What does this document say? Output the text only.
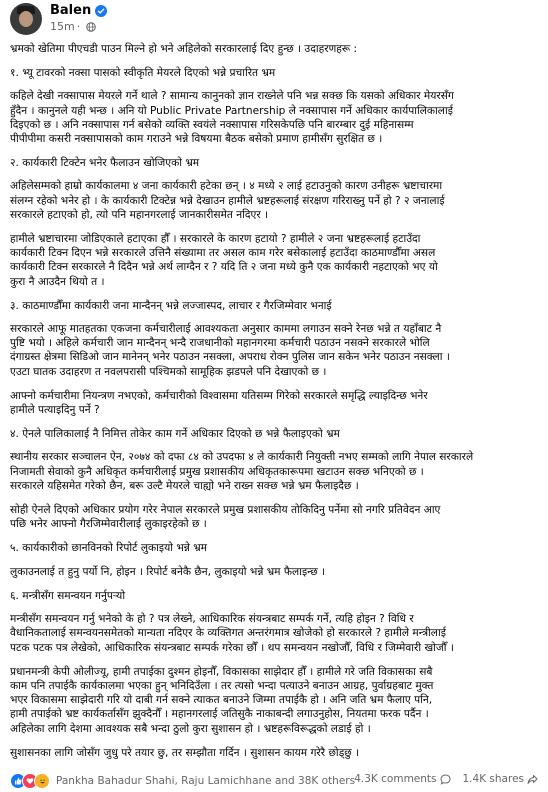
Balen
15m ·

भ्रमको खेतिमा पीएचडी पाउन मिल्ने हो भने अहिलेको सरकारलाई दिए हुन्छ । उदाहरणहरू :

१. भ्यू टावरको नक्सा पासको स्वीकृति मेयरले दिएको भन्ने प्रचारित भ्रम

कहिले देखी नक्सापास मेयरले गर्ने थाले ? सामान्य कानुनको ज्ञान राख्नेले पनि भन्न सक्छ कि यसको अधिकार मेयरसँग
हुँदैन । कानुनले यही भन्छ । अनि यो Public Private Partnership ले नक्सापास गर्ने अधिकार कार्यपालिकालाई
दिइएको छ । अनि नक्सापास गर्न बसेको व्यक्ति स्वयंले नक्सापास गरिसकेपछि पनि बारम्बार दुई महिनासम्म
पीपीपीमा कसरी नक्सापासको काम गराउने भन्ने विषयमा बैठक बसेको प्रमाण हामीसँग सुरक्षित छ ।

२. कार्यकारी टिक्टेन भनेर फैलाउन खोजिएको भ्रम

अहिलेसम्मको हाम्रो कार्यकालमा ४ जना कार्यकारी हटेका छन् । ४ मध्ये २ लाई हटाउनुको कारण उनीहरू भ्रष्टाचारमा
संलग्न रहेको भनेर हो । के कार्यकारी टिक्टेन्न भन्ने देखाउन हामीले भ्रष्टहरूलाई संरक्षण गरिराख्नु पर्ने हो ? २ जनालाई
सरकारले हटाएको हो, त्यो पनि महानगरलाई जानकारीसमेत नदिएर ।

हामीले भ्रष्टाचारमा जोडिएकाले हटाएका हौँ । सरकारले के कारण हटायो ? हामीले २ जना भ्रष्टहरूलाई हटाउँदा
कार्यकारी टिक्न दिएन भन्ने सरकारले उत्तिनै संख्यामा तर असल काम गरेर बसेकालाई हटाउँदा काठमाण्डौँमा असल
कार्यकारी टिक्न सरकारले नै दिदैन भन्ने अर्थ लाग्दैन र ? यदि ति २ जना मध्ये कुनै एक कार्यकारी नहटाएको भए यो
कुरा नै आउदैन थियो त ।

३. काठमाण्डौँमा कार्यकारी जना मान्दैनन् भन्ने लज्जास्पद, लाचार र गैरजिम्मेवार भनाई

सरकारले आफू मातहतका एकजना कर्मचारीलाई आवश्यकता अनुसार काममा लगाउन सक्ने रेनछ भन्ने त यहाँबाट नै
पुष्टि भयो । अहिले कर्मचारी जान मान्दैनन् भन्दै राजधानीको महानगरमा कर्मचारी पठाउन नसक्ने सरकारले भोलि
दंगाग्रस्त क्षेत्रमा सिडिओ जान मानेनन् भनेर पठाउन नसक्ला, अपराध रोक्न पुलिस जान सकेन भनेर पठाउन नसक्ला ।
एउटा घातक उदाहरण त नवलपरासी पश्चिमको सामूहिक झडपले पनि देखाएको छ ।

आफ्नो कर्मचारीमा नियन्त्रण नभएको, कर्मचारीको विश्वासमा यतिसम्म गिरेको सरकारले समृद्धि ल्याइदिन्छ भनेर
हामीले पत्याइदिनु पर्ने ?

४. ऐनले पालिकालाई नै निमित्त तोकेर काम गर्ने अधिकार दिएको छ भन्ने फैलाइएको भ्रम

स्थानीय सरकार सञ्चालन ऐन, २०७४ को दफा ८४ को उपदफा ४ ले कार्यकारी नियुक्ती नभए सम्मको लागि नेपाल सरकारले
निजामती सेवाको कुनै अधिकृत कर्मचारीलाई प्रमुख प्रशासकीय अधिकृतकारूपमा खटाउन सक्छ भनिएको छ ।
सरकारले यहिसमेत गरेको छैन, बरू उल्टै मेयरले चाह्यो भने राख्न सक्छ भन्ने भ्रम फैलाइदैछ ।

सोही ऐनले दिएको अधिकार प्रयोग गरेर नेपाल सरकारले प्रमुख प्रशासकीय तोकिदिनु पर्नेमा सो नगरि प्रतिवेदन आए
पछि भनेर आफ्नो गैरजिम्मेवारीलाई लुकाइरहेको छ ।

५. कार्यकारीको छानविनको रिपोर्ट लुकाइयो भन्ने भ्रम

लुकाउनलाई त हुनु पर्यो नि, होइन । रिपोर्ट बनेकै छैन, लुकाइयो भन्ने भ्रम फैलाइन्छ ।

६. मन्त्रीसँग समन्वयन गर्नुपर्‍यो

मन्त्रीसँग समन्वयन गर्नु भनेको के हो ? पत्र लेख्ने, आधिकारिक संयन्त्रबाट सम्पर्क गर्ने, त्यहि होइन ? विधि र
वैधानिकतालाई समन्वयनसमेतको मान्यता नदिएर के व्यक्तिगत अन्तरंगमात्र खोजेको हो सरकारले ? हामीले मन्त्रीलाई
पटक पटक पत्र लेखेको, आधिकारिक संयन्त्रबाट सम्पर्क गरेका छौँ । थप समन्वयन नखोजौँ, विधि र जिम्मेवारी खोजौँ ।

प्रधानमन्त्री केपी ओलीज्यू, हामी तपाईका दुश्मन होइनौँ, विकासका साझेदार हौँ । हामीले गरे जति विकासका सबै
काम पनि तपाईकै कार्यकालमा भएका हुन् भनिदिउँला । तर त्यसो भन्दा पत्याउने बनाउन आग्रह, पुर्वाग्रहबाट मुक्त
भएर विकासमा साझेदारी गरि यो दाबी गर्न सक्ने त्याकत बनाउने जिम्मा तपाईकै हो । अनि जति भ्रम फैलाए पनि,
हामी तपाईको भ्रष्ट कार्यकर्तासँग झुक्दैनौँ । महानगरलाई जतिसुकै नाकाबन्दी लगाउनुहोस, नियतमा फरक पर्दैन ।
अहिलेका लागि देशमा आवश्यक सबै भन्दा ठुलो कुरा सुशासन हो । भ्रष्टहरूविरूद्धको लडाई हो ।

सुशासनका लागि जोसँग जुधु परे तयार छु, तर सम्झौता गर्दिन । सुशासन कायम गरेरै छोड्छु ।

Pankha Bahadur Shahi, Raju Lamichhane and 38K others 4.3K comments 1.4K shares
